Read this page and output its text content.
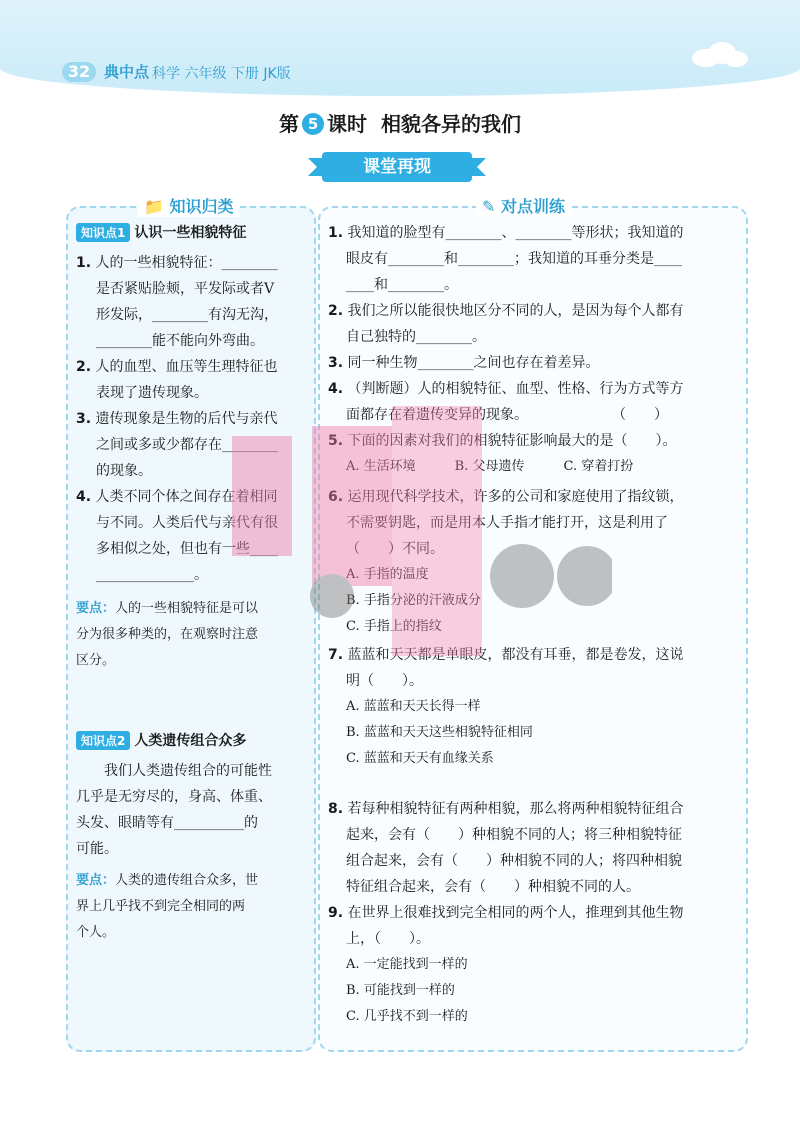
32 典中点 科学 六年级 下册 JK版
第 5 课时 相貌各异的我们
课堂再现
📁 知识归类	✎ 对点训练
知识点1 认识一些相貌特征
1. 人的一些相貌特征：________
是否紧贴脸颊，平发际或者V
形发际，________有沟无沟，
________能不能向外弯曲。
2. 人的血型、血压等生理特征也
表现了遗传现象。
3. 遗传现象是生物的后代与亲代
之间或多或少都存在________
的现象。
4. 人类不同个体之间存在着相同
与不同。人类后代与亲代有很
多相似之处，但也有一些____
______________。
要点：人的一些相貌特征是可以
分为很多种类的，在观察时注意
区分。
知识点2 人类遗传组合众多
我们人类遗传组合的可能性
几乎是无穷尽的，身高、体重、
头发、眼睛等有__________的
可能。
要点：人类的遗传组合众多，世
界上几乎找不到完全相同的两
个人。
1. 我知道的脸型有________、________等形状；我知道的
眼皮有________和________；我知道的耳垂分类是____
____和________。
2. 我们之所以能很快地区分不同的人，是因为每个人都有
自己独特的________。
3. 同一种生物________之间也存在着差异。
4. （判断题）人的相貌特征、血型、性格、行为方式等方
面都存在着遗传变异的现象。　　　　　　　（　　）
5. 下面的因素对我们的相貌特征影响最大的是（　　）。
A. 生活环境　　　B. 父母遗传　　　C. 穿着打扮
6. 运用现代科学技术，许多的公司和家庭使用了指纹锁，
不需要钥匙，而是用本人手指才能打开，这是利用了
（　　）不同。
A. 手指的温度
B. 手指分泌的汗液成分
C. 手指上的指纹
7. 蓝蓝和天天都是单眼皮，都没有耳垂，都是卷发，这说
明（　　）。
A. 蓝蓝和天天长得一样
B. 蓝蓝和天天这些相貌特征相同
C. 蓝蓝和天天有血缘关系
8. 若每种相貌特征有两种相貌，那么将两种相貌特征组合
起来，会有（　　）种相貌不同的人；将三种相貌特征
组合起来，会有（　　）种相貌不同的人；将四种相貌
特征组合起来，会有（　　）种相貌不同的人。
9. 在世界上很难找到完全相同的两个人，推理到其他生物
上，（　　）。
A. 一定能找到一样的
B. 可能找到一样的
C. 几乎找不到一样的
